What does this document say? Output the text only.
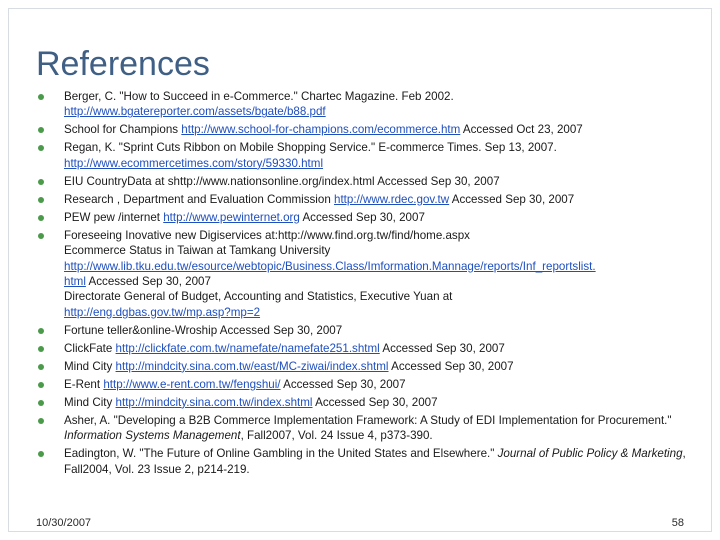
References
Berger, C. "How to Succeed in e-Commerce." Chartec Magazine. Feb 2002.
http://www.bgatereporter.com/assets/bgate/b88.pdf
School for Champions http://www.school-for-champions.com/ecommerce.htm Accessed Oct 23, 2007
Regan, K. "Sprint Cuts Ribbon on Mobile Shopping Service." E-commerce Times. Sep 13, 2007.
http://www.ecommercetimes.com/story/59330.html
EIU CountryData at shttp://www.nationsonline.org/index.html Accessed Sep 30, 2007
Research , Department and Evaluation Commission http://www.rdec.gov.tw Accessed Sep 30, 2007
PEW pew /internet http://www.pewinternet.org Accessed Sep 30, 2007
Foreseeing Inovative new Digiservices at:http://www.find.org.tw/find/home.aspx
Ecommerce Status in Taiwan at Tamkang University
http://www.lib.tku.edu.tw/esource/webtopic/Business.Class/Imformation.Mannage/reports/Inf_reportslist.
html Accessed Sep 30, 2007
Directorate General of Budget, Accounting and Statistics, Executive Yuan at
http://eng.dgbas.gov.tw/mp.asp?mp=2
Fortune teller&online-Wroship Accessed Sep 30, 2007
ClickFate http://clickfate.com.tw/namefate/namefate251.shtml Accessed Sep 30, 2007
Mind City http://mindcity.sina.com.tw/east/MC-ziwai/index.shtml Accessed Sep 30, 2007
E-Rent http://www.e-rent.com.tw/fengshui/ Accessed Sep 30, 2007
Mind City http://mindcity.sina.com.tw/index.shtml Accessed Sep 30, 2007
Asher, A. "Developing a B2B Commerce Implementation Framework: A Study of EDI Implementation for Procurement." Information Systems Management, Fall2007, Vol. 24 Issue 4, p373-390.
Eadington, W. "The Future of Online Gambling in the United States and Elsewhere." Journal of Public Policy & Marketing, Fall2004, Vol. 23 Issue 2, p214-219.
10/30/2007	58
